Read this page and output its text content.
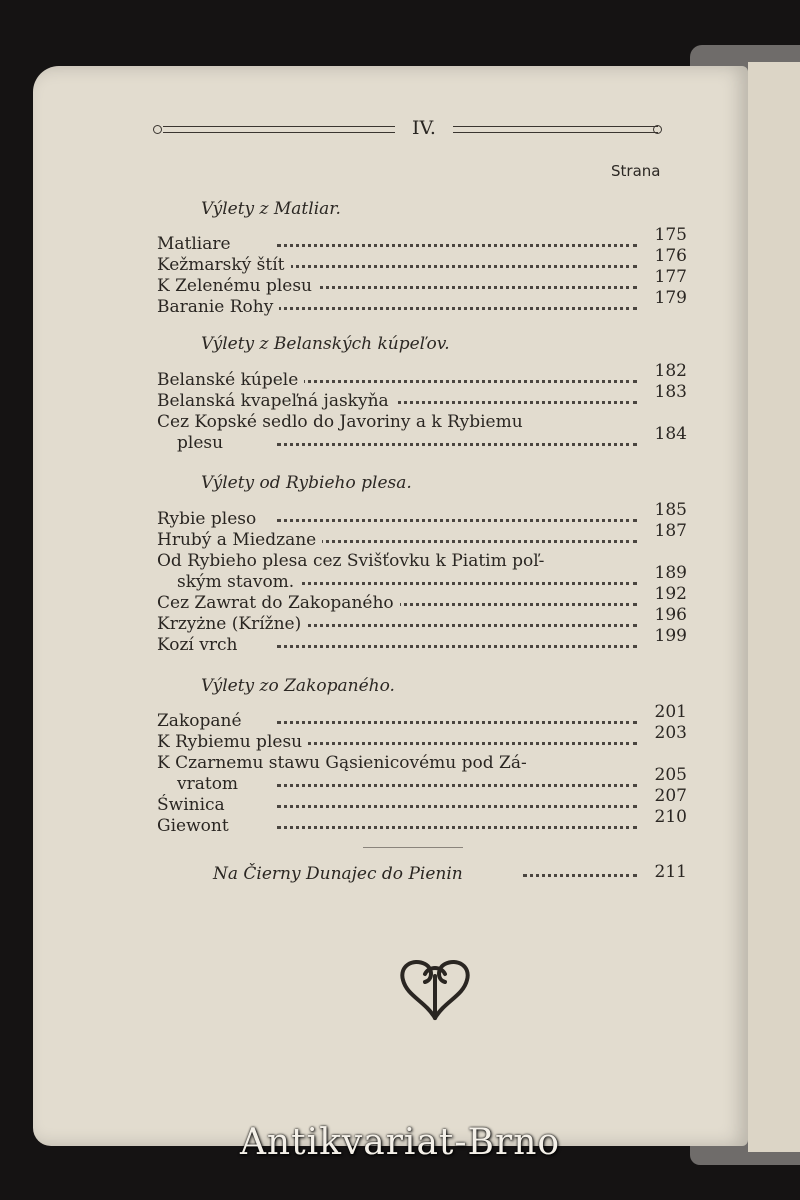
IV.
Strana
Výlety z Matliar.
Matliare	175
Kežmarský štít	176
K Zelenému plesu	177
Baranie Rohy	179
Výlety z Belanských kúpeľov.
Belanské kúpele	182
Belanská kvapeľná jaskyňa	183
Cez Kopské sedlo do Javoriny a k Rybiemu
plesu	184
Výlety od Rybieho plesa.
Rybie pleso	185
Hrubý a Miedzane	187
Od Rybieho plesa cez Svišťovku k Piatim poľ-
ským stavom.	189
Cez Zawrat do Zakopaného	192
Krzyżne (Krížne)	196
Kozí vrch	199
Výlety zo Zakopaného.
Zakopané	201
K Rybiemu plesu	203
K Czarnemu stawu Gąsienicovému pod Zá-
vratom	205
Świnica	207
Giewont	210
Na Čierny Dunajec do Pienin	211
Antikvariat-Brno
